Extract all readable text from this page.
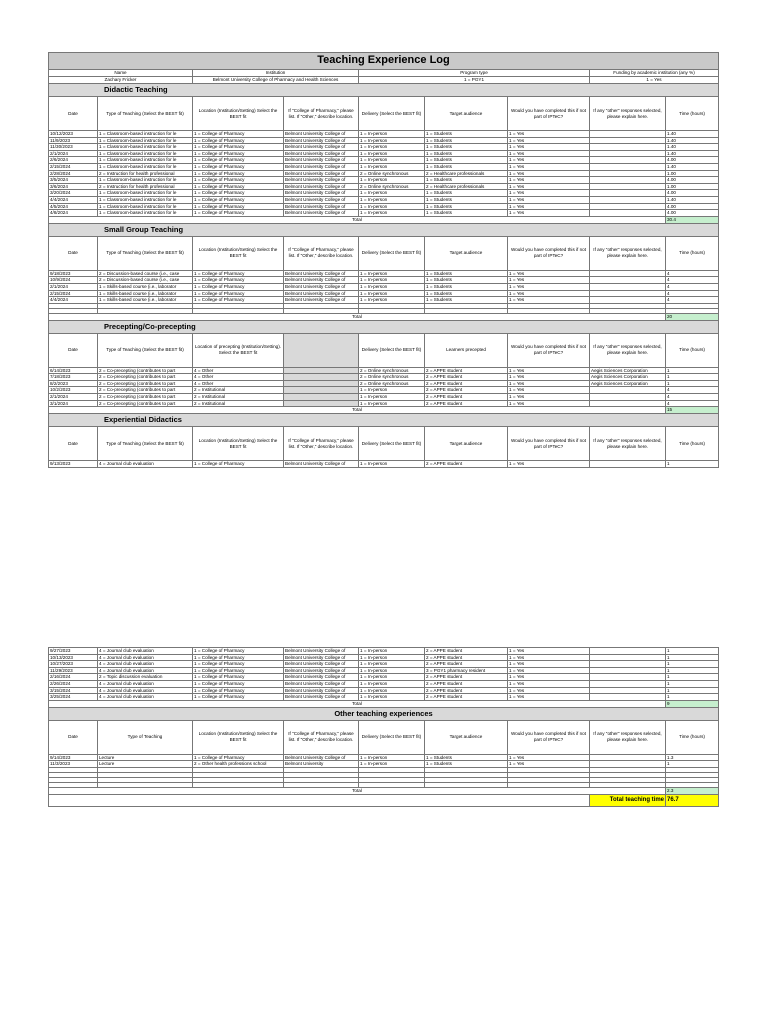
Teaching Experience Log								
Name		Institution		Program type			Funding by academic institution (any %)	
Zachary Fricker		Belmont University College of Pharmacy and Health Sciences		1 = PGY1			1 = Yes	
Didactic Teaching								
Date	Type of Teaching (Select the BEST fit)	Location (Institution/Setting) Select the BEST fit	If "College of Pharmacy," please list. If "Other," describe location.	Delivery (Select the BEST fit)	Target audience	Would you have completed this if not part of IPTeC?	If any "other" responses selected, please explain here.	Time (hours)
10/12/2023	1 = Classroom-based instruction for le	1 = College of Pharmacy	Belmont University College of	1 = In-person	1 = Students	1 = Yes		1.40
11/9/2023	1 = Classroom-based instruction for le	1 = College of Pharmacy	Belmont University College of	1 = In-person	1 = Students	1 = Yes		1.40
11/30/2023	1 = Classroom-based instruction for le	1 = College of Pharmacy	Belmont University College of	1 = In-person	1 = Students	1 = Yes		1.40
2/1/2024	1 = Classroom-based instruction for le	1 = College of Pharmacy	Belmont University College of	1 = In-person	1 = Students	1 = Yes		1.40
2/6/2024	1 = Classroom-based instruction for le	1 = College of Pharmacy	Belmont University College of	1 = In-person	1 = Students	1 = Yes		4.00
2/15/2024	1 = Classroom-based instruction for le	1 = College of Pharmacy	Belmont University College of	1 = In-person	1 = Students	1 = Yes		1.40
2/28/2024	2 = Instruction for health professional	1 = College of Pharmacy	Belmont University College of	2 = Online synchronous	2 = Healthcare professionals	1 = Yes		1.00
3/5/2024	1 = Classroom-based instruction for le	1 = College of Pharmacy	Belmont University College of	1 = In-person	1 = Students	1 = Yes		4.00
3/6/2024	2 = Instruction for health professional	1 = College of Pharmacy	Belmont University College of	2 = Online synchronous	2 = Healthcare professionals	1 = Yes		1.00
3/20/2024	1 = Classroom-based instruction for le	1 = College of Pharmacy	Belmont University College of	1 = In-person	1 = Students	1 = Yes		4.00
4/4/2024	1 = Classroom-based instruction for le	1 = College of Pharmacy	Belmont University College of	1 = In-person	1 = Students	1 = Yes		1.40
4/5/2024	1 = Classroom-based instruction for le	1 = College of Pharmacy	Belmont University College of	1 = In-person	1 = Students	1 = Yes		4.00
4/8/2024	1 = Classroom-based instruction for le	1 = College of Pharmacy	Belmont University College of	1 = In-person	1 = Students	1 = Yes		4.00
Total								30.4
Small Group Teaching								
Date	Type of Teaching (Select the BEST fit)	Location (Institution/Setting) Select the BEST fit	If "College of Pharmacy," please list. If "Other," describe location.	Delivery (Select the BEST fit)	Target audience	Would you have completed this if not part of IPTeC?	If any "other" responses selected, please explain here.	Time (hours)
9/18/2023	2 = Discussion-based course (i.e., case	1 = College of Pharmacy	Belmont University College of	1 = In-person	1 = Students	1 = Yes		4
10/9/2024	2 = Discussion-based course (i.e., case	1 = College of Pharmacy	Belmont University College of	1 = In-person	1 = Students	1 = Yes		4
2/1/2024	1 = Skills-based course (i.e., laborator	1 = College of Pharmacy	Belmont University College of	1 = In-person	1 = Students	1 = Yes		4
2/15/2024	1 = Skills-based course (i.e., laborator	1 = College of Pharmacy	Belmont University College of	1 = In-person	1 = Students	1 = Yes		4
4/4/2024	1 = Skills-based course (i.e., laborator	1 = College of Pharmacy	Belmont University College of	1 = In-person	1 = Students	1 = Yes		4

Total								20
Precepting/Co-precepting								
Date	Type of Teaching (Select the BEST fit)	Location of precepting (Institution/Setting). Select the BEST fit		Delivery (Select the BEST fit)	Learners precepted	Would you have completed this if not part of IPTeC?	If any "other" responses selected, please explain here.	Time (hours)
6/14/2023	2 = Co-precepting (contributes to part	4 = Other		2 = Online synchronous	2 = APPE student	1 = Yes	Aegis Sciences Corporation	1
7/18/2023	2 = Co-precepting (contributes to part	4 = Other		2 = Online synchronous	2 = APPE student	1 = Yes	Aegis Sciences Corporation	1
8/2/2023	2 = Co-precepting (contributes to part	4 = Other		2 = Online synchronous	2 = APPE student	1 = Yes	Aegis Sciences Corporation	1
10/2/2023	2 = Co-precepting (contributes to part	2 = Institutional		1 = In-person	2 = APPE student	1 = Yes		4
2/1/2024	2 = Co-precepting (contributes to part	2 = Institutional		1 = In-person	2 = APPE student	1 = Yes		4
3/1/2024	2 = Co-precepting (contributes to part	2 = Institutional		1 = In-person	2 = APPE student	1 = Yes		4
Total								15
Experiential Didactics								
Date	Type of Teaching (Select the BEST fit)	Location (Institution/Setting) Select the BEST fit	If "College of Pharmacy," please list. If "Other," describe location.	Delivery (Select the BEST fit)	Target audience	Would you have completed this if not part of IPTeC?	If any "other" responses selected, please explain here.	Time (hours)
9/13/2023	4 = Journal club evaluation	1 = College of Pharmacy	Belmont University College of	1 = In-person	2 = APPE student	1 = Yes		1
9/27/2023	4 = Journal club evaluation	1 = College of Pharmacy	Belmont University College of	1 = In-person	2 = APPE student	1 = Yes		1
10/13/2023	4 = Journal club evaluation	1 = College of Pharmacy	Belmont University College of	1 = In-person	2 = APPE student	1 = Yes		1
10/27/2023	4 = Journal club evaluation	1 = College of Pharmacy	Belmont University College of	1 = In-person	2 = APPE student	1 = Yes		1
11/29/2023	4 = Journal club evaluation	1 = College of Pharmacy	Belmont University College of	1 = In-person	3 = PGY1 pharmacy resident	1 = Yes		1
2/16/2024	2 = Topic discussion evaluation	1 = College of Pharmacy	Belmont University College of	1 = In-person	2 = APPE student	1 = Yes		1
2/26/2024	4 = Journal club evaluation	1 = College of Pharmacy	Belmont University College of	1 = In-person	2 = APPE student	1 = Yes		1
3/15/2024	4 = Journal club evaluation	1 = College of Pharmacy	Belmont University College of	1 = In-person	2 = APPE student	1 = Yes		1
3/25/2024	4 = Journal club evaluation	1 = College of Pharmacy	Belmont University College of	1 = In-person	2 = APPE student	1 = Yes		1
Total								9
Other teaching experiences								
Date	Type of Teaching	Location (Institution/Setting) Select the BEST fit	If "College of Pharmacy," please list. If "Other," describe location.	Delivery (Select the BEST fit)	Target audience	Would you have completed this if not part of IPTeC?	If any "other" responses selected, please explain here.	Time (hours)
9/14/2023	Lecture	1 = College of Pharmacy	Belmont University College of	1 = In-person	1 = Students	1 = Yes		1.3
11/3/2023	Lecture	2 = Other health professions school	Belmont University	1 = In-person	1 = Students	1 = Yes		1

Total								2.3
							Total teaching time	76.7
